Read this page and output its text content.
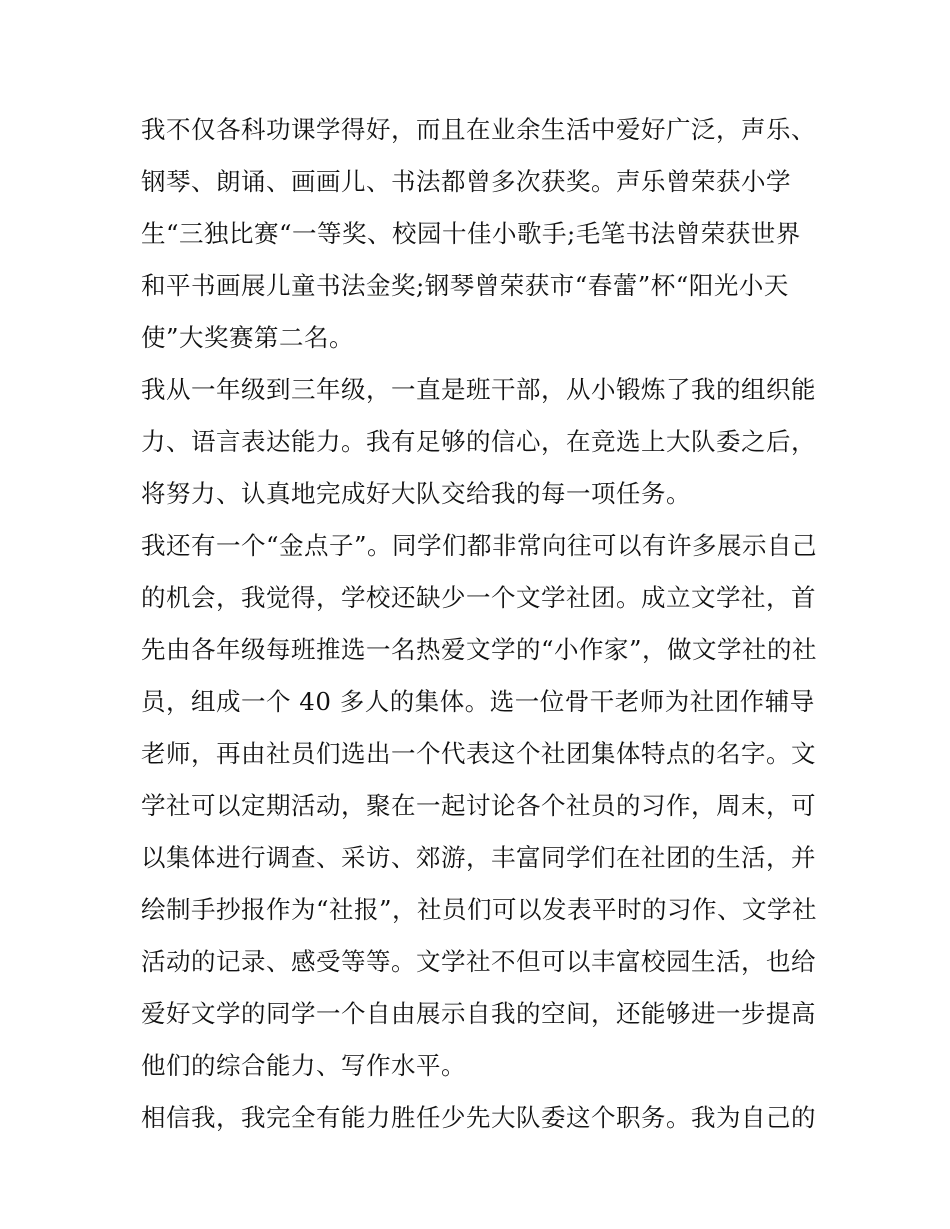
我不仅各科功课学得好，而且在业余生活中爱好广泛，声乐、
钢琴、朗诵、画画儿、书法都曾多次获奖。声乐曾荣获小学
生“三独比赛“一等奖、校园十佳小歌手;毛笔书法曾荣获世界
和平书画展儿童书法金奖;钢琴曾荣获市“春蕾”杯“阳光小天
使”大奖赛第二名。
我从一年级到三年级，一直是班干部，从小锻炼了我的组织能
力、语言表达能力。我有足够的信心，在竞选上大队委之后，
将努力、认真地完成好大队交给我的每一项任务。
我还有一个“金点子”。同学们都非常向往可以有许多展示自己
的机会，我觉得，学校还缺少一个文学社团。成立文学社，首
先由各年级每班推选一名热爱文学的“小作家”，做文学社的社
员，组成一个 40 多人的集体。选一位骨干老师为社团作辅导
老师，再由社员们选出一个代表这个社团集体特点的名字。文
学社可以定期活动，聚在一起讨论各个社员的习作，周末，可
以集体进行调查、采访、郊游，丰富同学们在社团的生活，并
绘制手抄报作为“社报”，社员们可以发表平时的习作、文学社
活动的记录、感受等等。文学社不但可以丰富校园生活，也给
爱好文学的同学一个自由展示自我的空间，还能够进一步提高
他们的综合能力、写作水平。
相信我，我完全有能力胜任少先大队委这个职务。我为自己的
